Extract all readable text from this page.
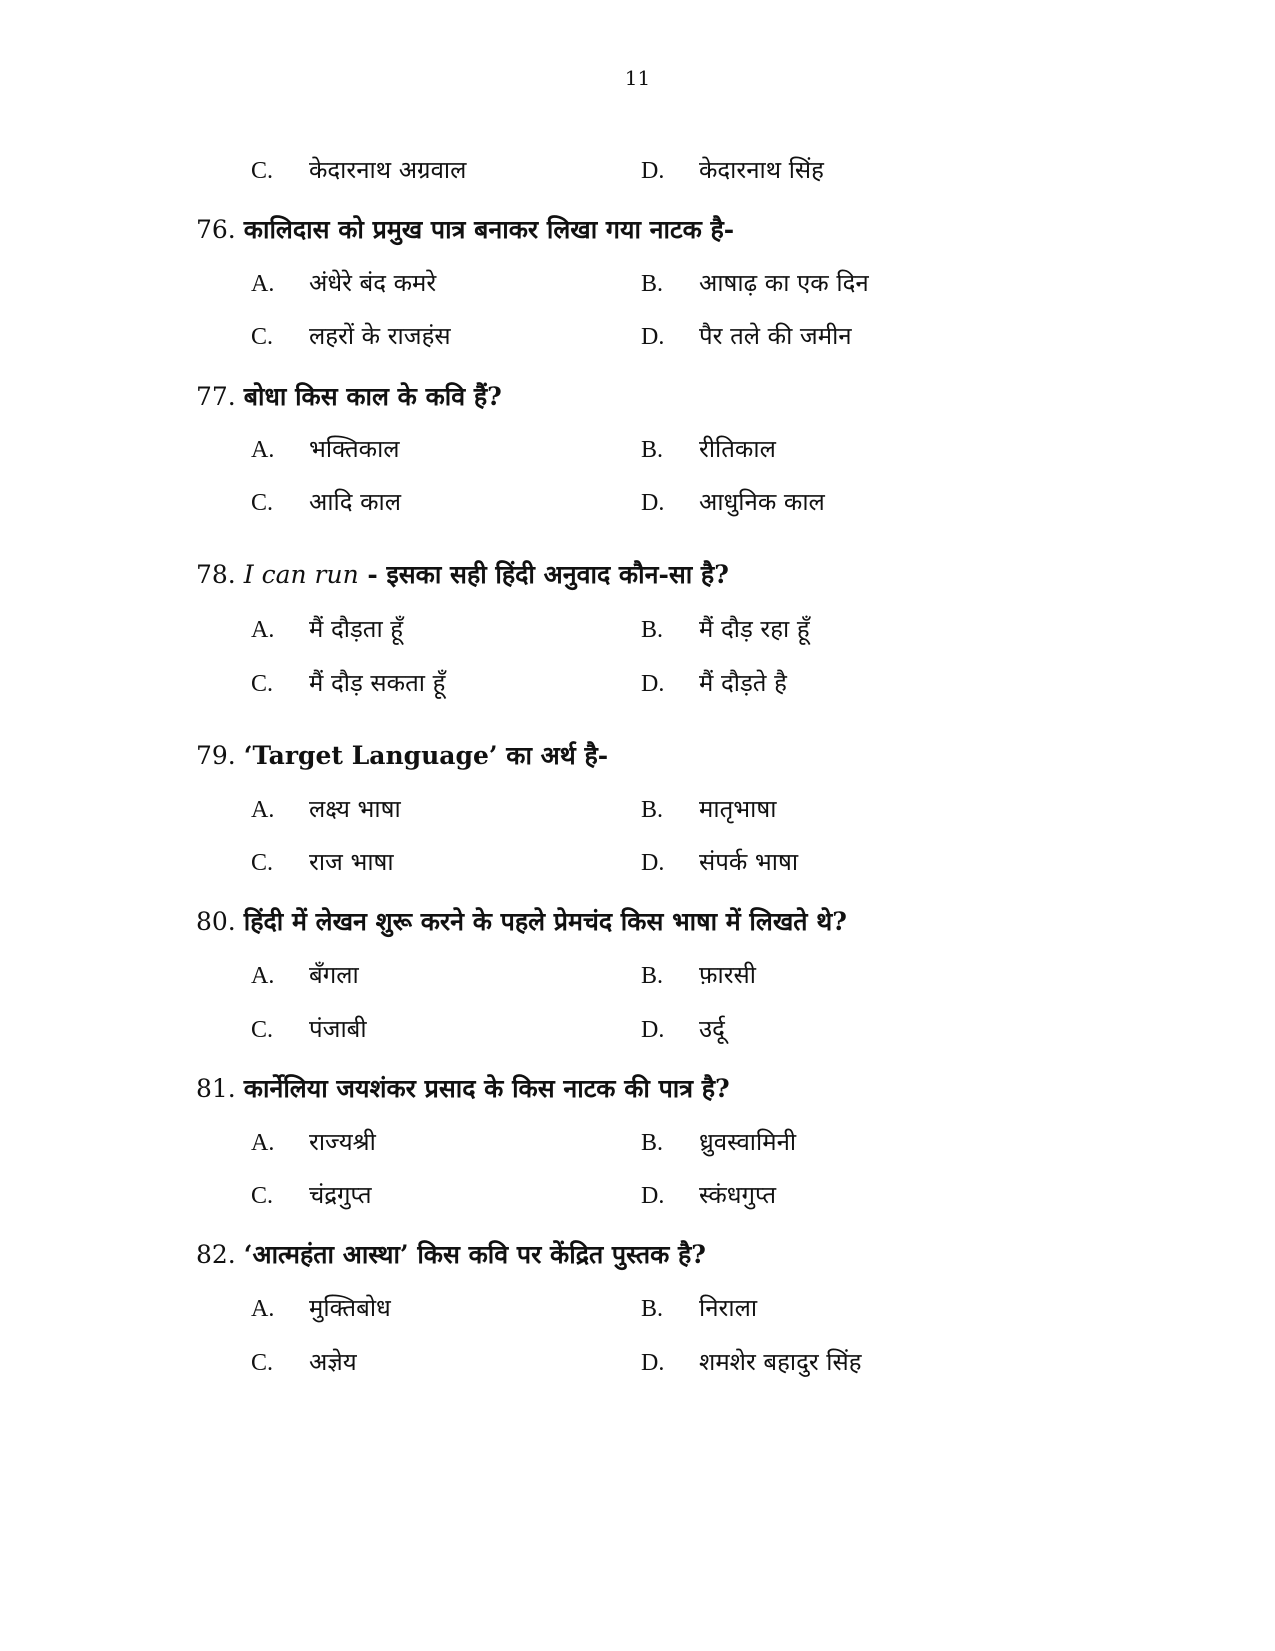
11
C. केदारनाथ अग्रवाल	D. केदारनाथ सिंह
76. कालिदास को प्रमुख पात्र बनाकर लिखा गया नाटक है-
A. अंधेरे बंद कमरे	B. आषाढ़ का एक दिन
C. लहरों के राजहंस	D. पैर तले की जमीन
77. बोधा किस काल के कवि हैं?
A. भक्तिकाल	B. रीतिकाल
C. आदि काल	D. आधुनिक काल
78. I can run - इसका सही हिंदी अनुवाद कौन-सा है?
A. मैं दौड़ता हूँ	B. मैं दौड़ रहा हूँ
C. मैं दौड़ सकता हूँ	D. मैं दौड़ते है
79. ‘Target Language’ का अर्थ है-
A. लक्ष्य भाषा	B. मातृभाषा
C. राज भाषा	D. संपर्क भाषा
80. हिंदी में लेखन शुरू करने के पहले प्रेमचंद किस भाषा में लिखते थे?
A. बँगला	B. फ़ारसी
C. पंजाबी	D. उर्दू
81. कार्नेलिया जयशंकर प्रसाद के किस नाटक की पात्र है?
A. राज्यश्री	B. ध्रुवस्वामिनी
C. चंद्रगुप्त	D. स्कंधगुप्त
82. ‘आत्महंता आस्था’ किस कवि पर केंद्रित पुस्तक है?
A. मुक्तिबोध	B. निराला
C. अज्ञेय	D. शमशेर बहादुर सिंह
